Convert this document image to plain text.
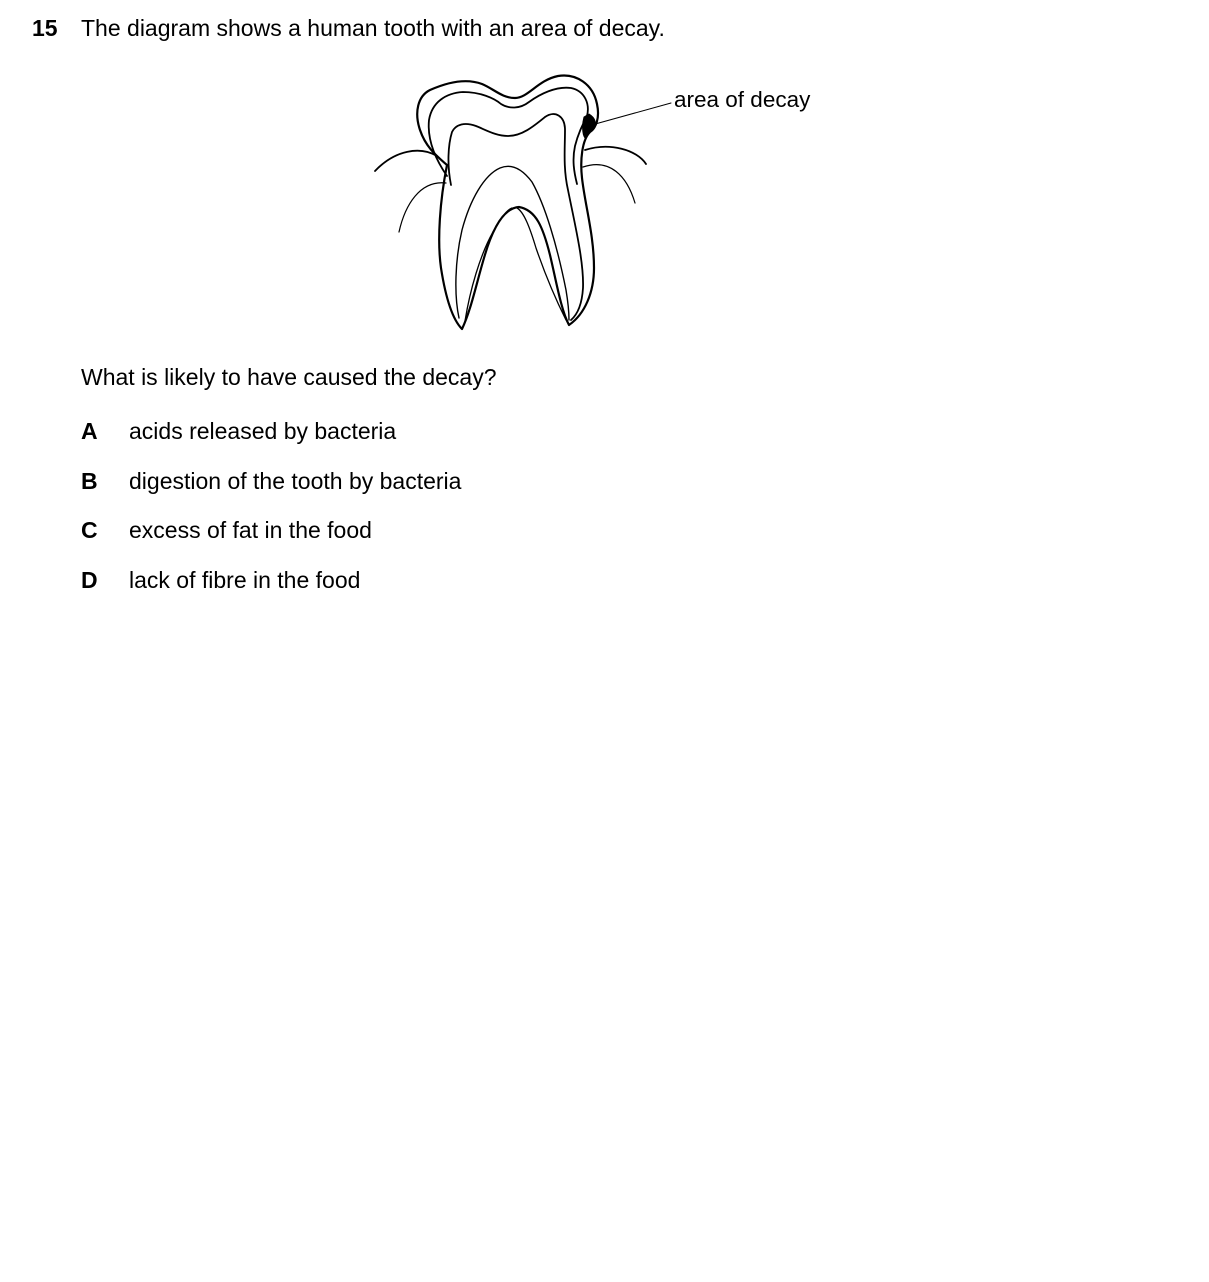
15 The diagram shows a human tooth with an area of decay.
area of decay
What is likely to have caused the decay?
A acids released by bacteria
B digestion of the tooth by bacteria
C excess of fat in the food
D lack of fibre in the food
